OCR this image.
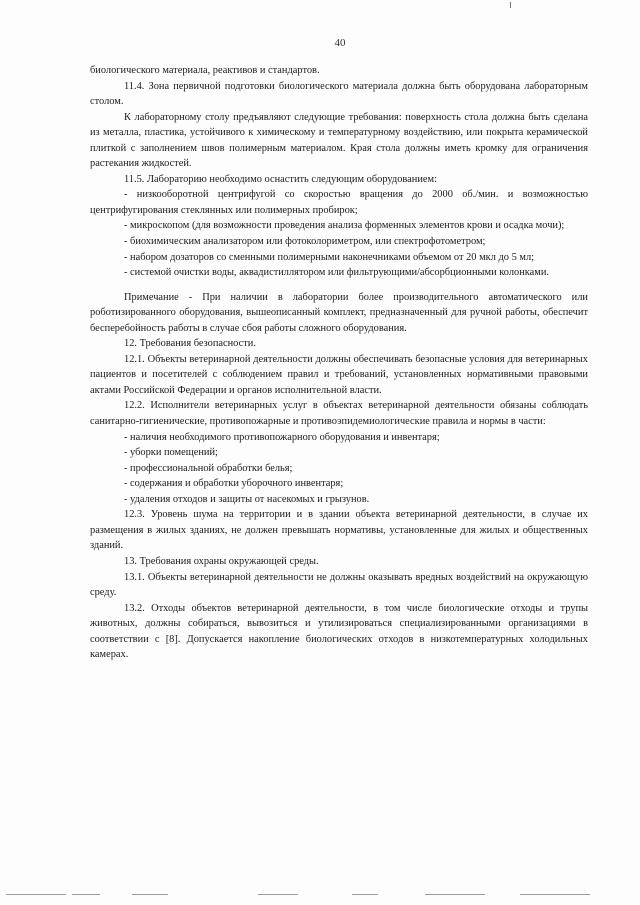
40

биологического материала, реактивов и стандартов.

11.4. Зона первичной подготовки биологического материала должна быть оборудована лабораторным столом.

К лабораторному столу предъявляют следующие требования: поверхность стола должна быть сделана из металла, пластика, устойчивого к химическому и температурному воздействию, или покрыта керамической плиткой с заполнением швов полимерным материалом. Края стола должны иметь кромку для ограничения растекания жидкостей.

11.5. Лабораторию необходимо оснастить следующим оборудованием:

- низкооборотной центрифугой со скоростью вращения до 2000 об./мин. и возможностью центрифугирования стеклянных или полимерных пробирок;

- микроскопом (для возможности проведения анализа форменных элементов крови и осадка мочи);

- биохимическим анализатором или фотоколориметром, или спектрофотометром;

- набором дозаторов со сменными полимерными наконечниками объемом от 20 мкл до 5 мл;

- системой очистки воды, аквадистиллятором или фильтрующими/абсорбционными колонками.

Примечание - При наличии в лаборатории более производительного автоматического или роботизированного оборудования, вышеописанный комплект, предназначенный для ручной работы, обеспечит бесперебойность работы в случае сбоя работы сложного оборудования.

12. Требования безопасности.

12.1. Объекты ветеринарной деятельности должны обеспечивать безопасные условия для ветеринарных пациентов и посетителей с соблюдением правил и требований, установленных нормативными правовыми актами Российской Федерации и органов исполнительной власти.

12.2. Исполнители ветеринарных услуг в объектах ветеринарной деятельности обязаны соблюдать санитарно-гигиенические, противопожарные и противоэпидемиологические правила и нормы в части:

- наличия необходимого противопожарного оборудования и инвентаря;

- уборки помещений;

- профессиональной обработки белья;

- содержания и обработки уборочного инвентаря;

- удаления отходов и защиты от насекомых и грызунов.

12.3. Уровень шума на территории и в здании объекта ветеринарной деятельности, в случае их размещения в жилых зданиях, не должен превышать нормативы, установленные для жилых и общественных зданий.

13. Требования охраны окружающей среды.

13.1. Объекты ветеринарной деятельности не должны оказывать вредных воздействий на окружающую среду.

13.2. Отходы объектов ветеринарной деятельности, в том числе биологические отходы и трупы животных, должны собираться, вывозиться и утилизироваться специализированными организациями в соответствии с [8]. Допускается накопление биологических отходов в низкотемпературных холодильных камерах.
